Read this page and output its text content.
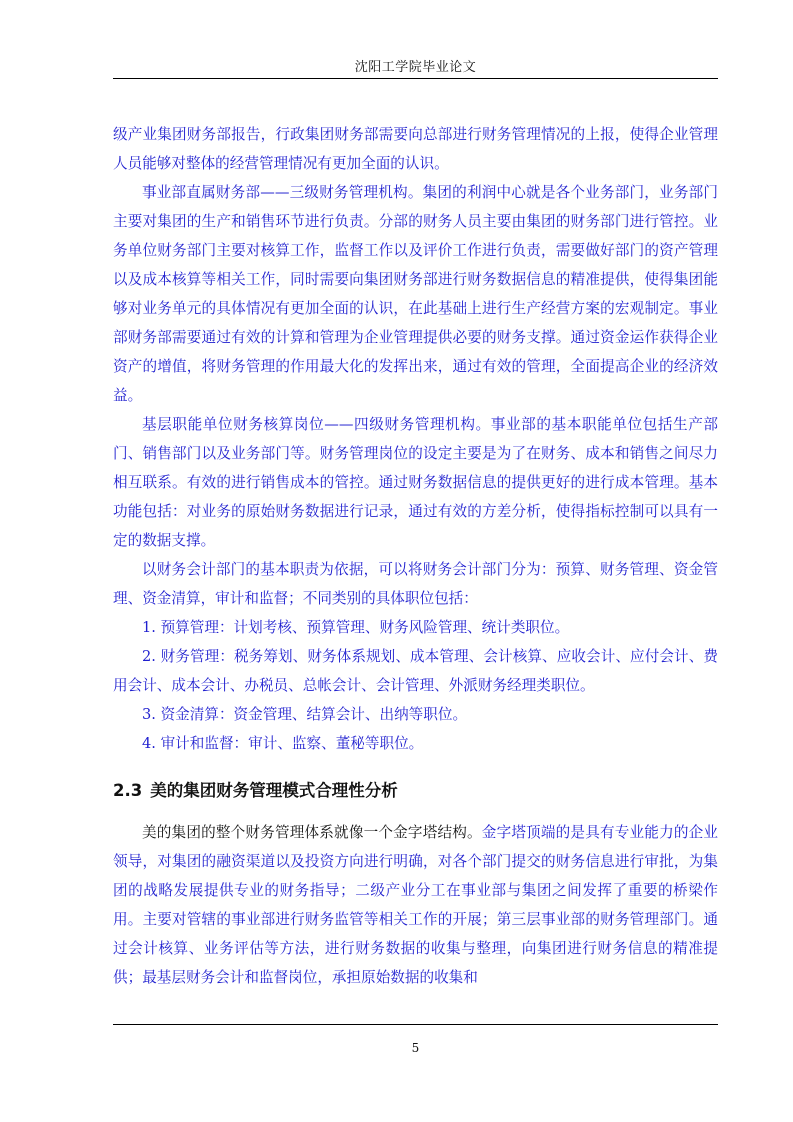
沈阳工学院毕业论文

级产业集团财务部报告，行政集团财务部需要向总部进行财务管理情况的上报，使得企业管理人员能够对整体的经营管理情况有更加全面的认识。

事业部直属财务部——三级财务管理机构。集团的利润中心就是各个业务部门，业务部门主要对集团的生产和销售环节进行负责。分部的财务人员主要由集团的财务部门进行管控。业务单位财务部门主要对核算工作，监督工作以及评价工作进行负责，需要做好部门的资产管理以及成本核算等相关工作，同时需要向集团财务部进行财务数据信息的精准提供，使得集团能够对业务单元的具体情况有更加全面的认识，在此基础上进行生产经营方案的宏观制定。事业部财务部需要通过有效的计算和管理为企业管理提供必要的财务支撑。通过资金运作获得企业资产的增值，将财务管理的作用最大化的发挥出来，通过有效的管理，全面提高企业的经济效益。

基层职能单位财务核算岗位——四级财务管理机构。事业部的基本职能单位包括生产部门、销售部门以及业务部门等。财务管理岗位的设定主要是为了在财务、成本和销售之间尽力相互联系。有效的进行销售成本的管控。通过财务数据信息的提供更好的进行成本管理。基本功能包括：对业务的原始财务数据进行记录，通过有效的方差分析，使得指标控制可以具有一定的数据支撑。

以财务会计部门的基本职责为依据，可以将财务会计部门分为：预算、财务管理、资金管理、资金清算，审计和监督；不同类别的具体职位包括：

1. 预算管理：计划考核、预算管理、财务风险管理、统计类职位。

2. 财务管理：税务筹划、财务体系规划、成本管理、会计核算、应收会计、应付会计、费用会计、成本会计、办税员、总帐会计、会计管理、外派财务经理类职位。

3. 资金清算：资金管理、结算会计、出纳等职位。

4. 审计和监督：审计、监察、董秘等职位。

2.3 美的集团财务管理模式合理性分析

美的集团的整个财务管理体系就像一个金字塔结构。金字塔顶端的是具有专业能力的企业领导，对集团的融资渠道以及投资方向进行明确，对各个部门提交的财务信息进行审批，为集团的战略发展提供专业的财务指导；二级产业分工在事业部与集团之间发挥了重要的桥梁作用。主要对管辖的事业部进行财务监管等相关工作的开展；第三层事业部的财务管理部门。通过会计核算、业务评估等方法，进行财务数据的收集与整理，向集团进行财务信息的精准提供；最基层财务会计和监督岗位，承担原始数据的收集和

5
